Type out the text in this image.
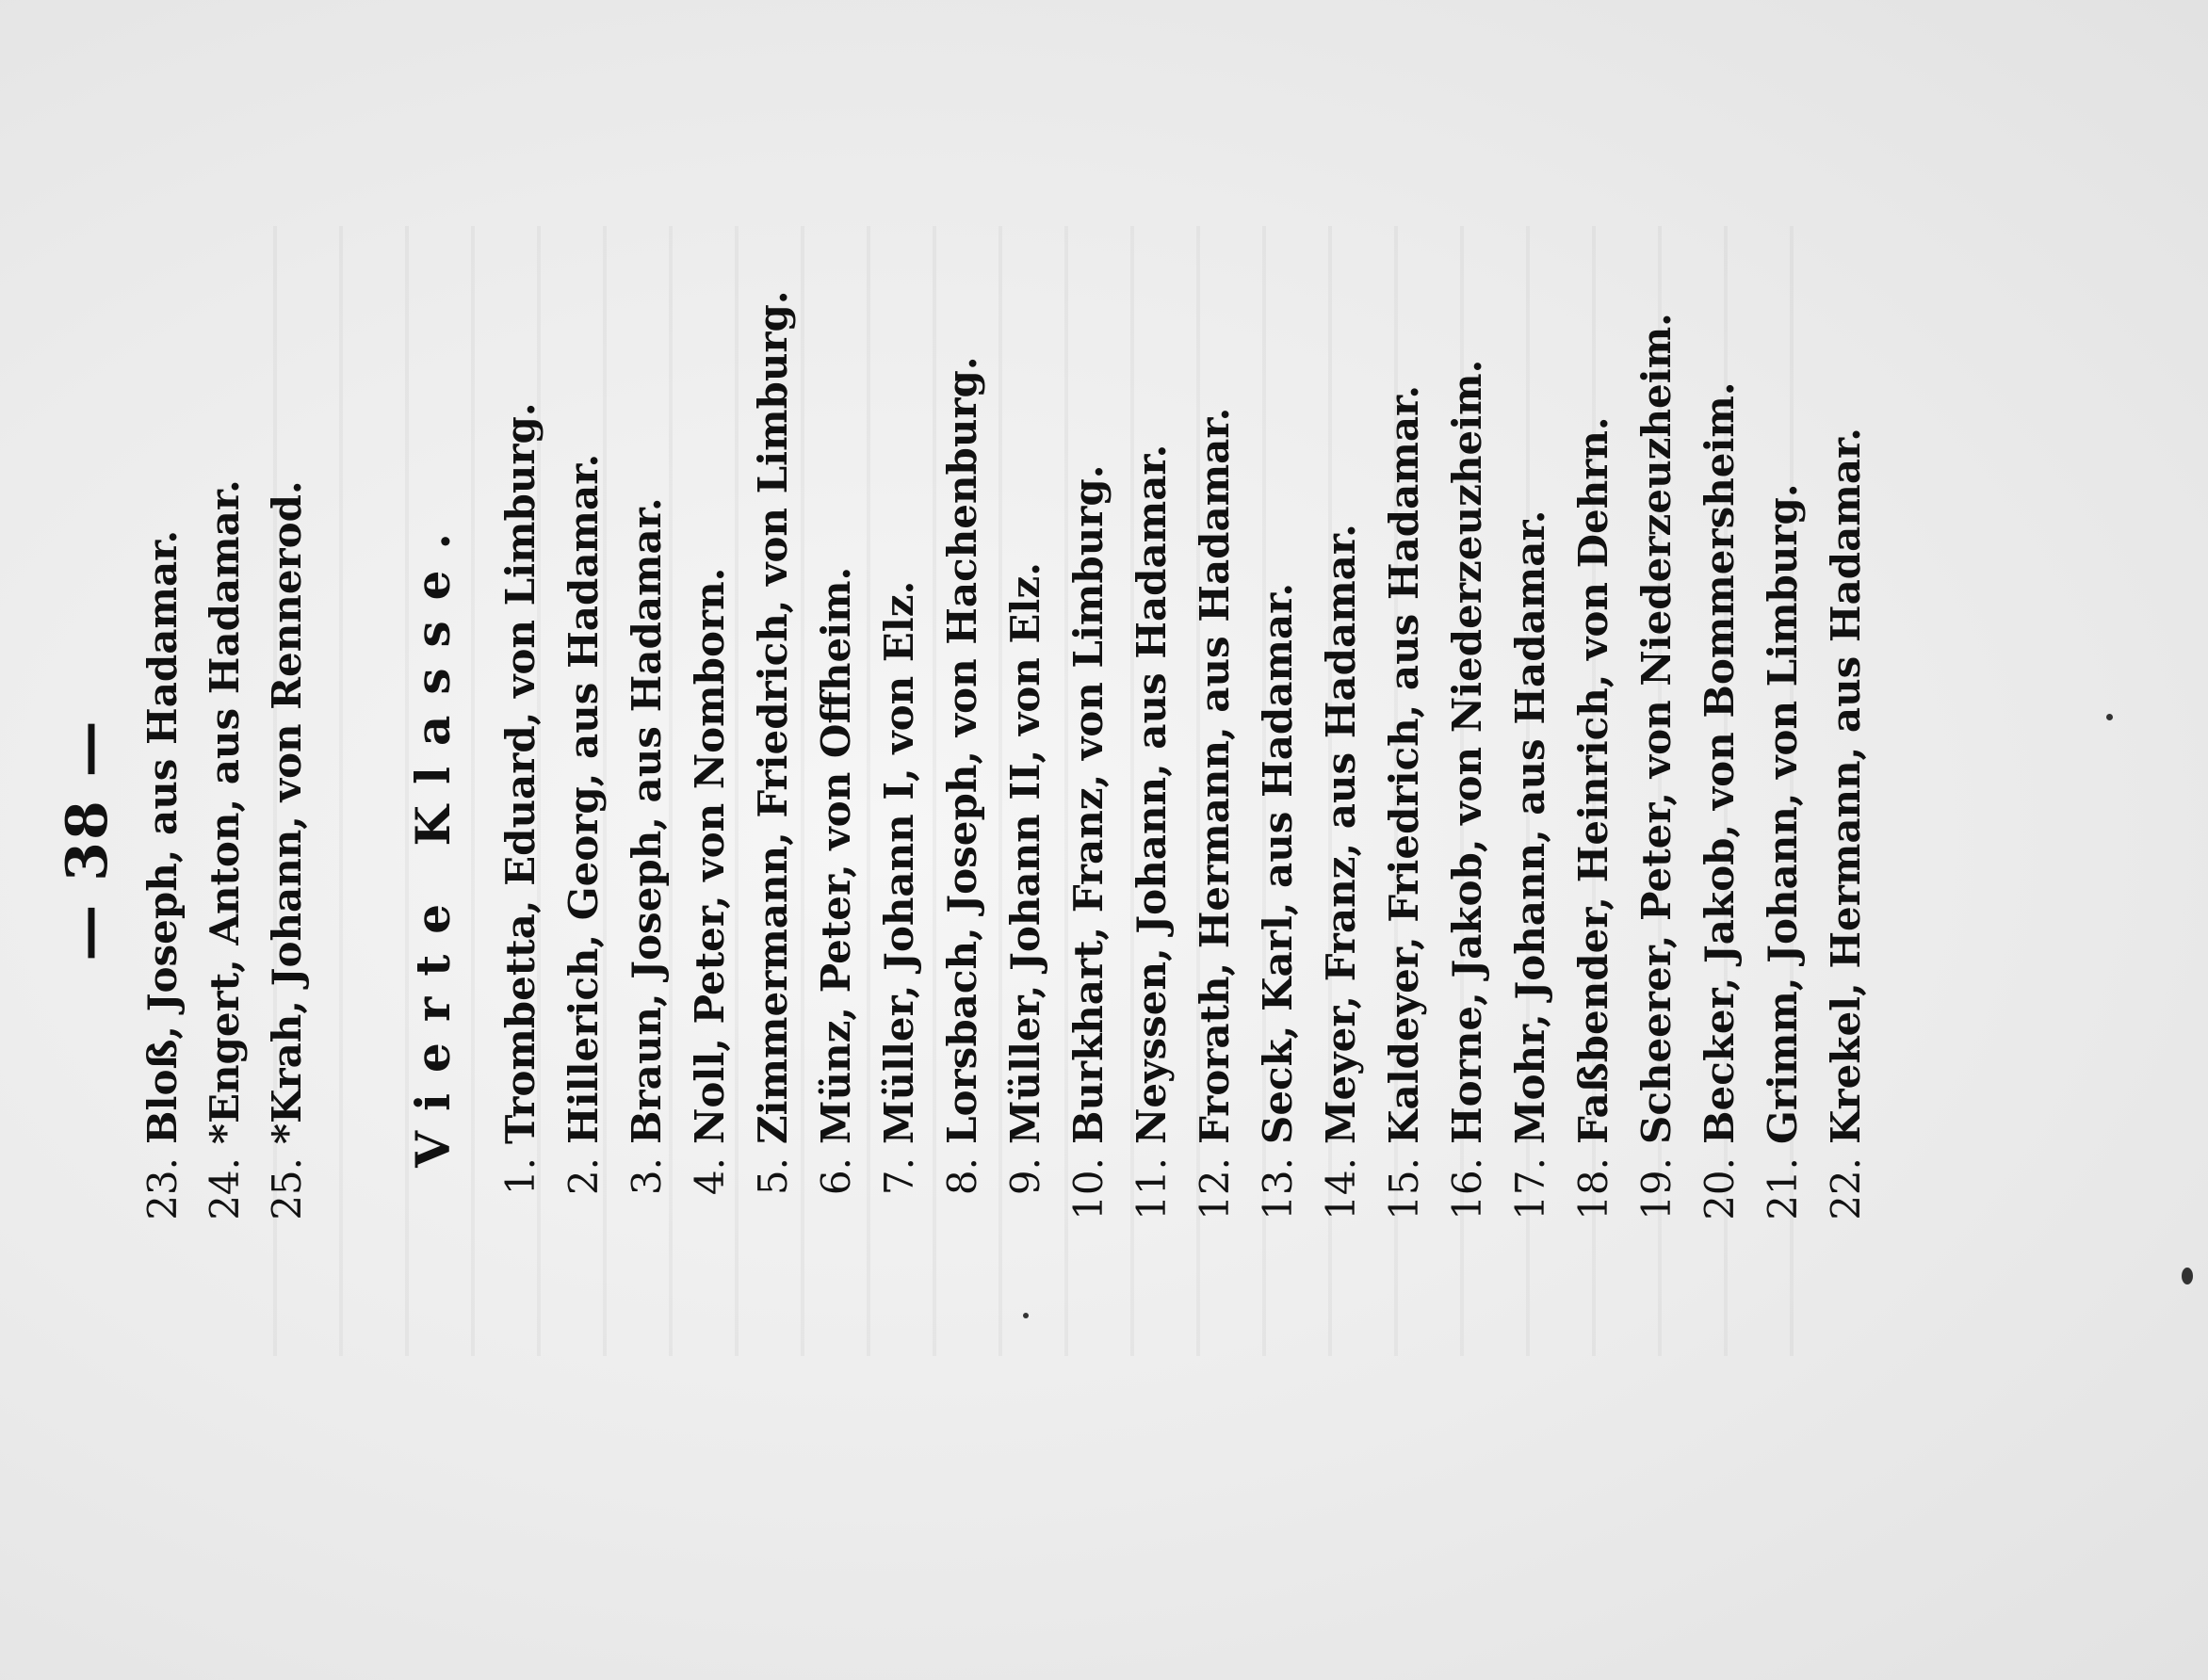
— 38 —
23.Bloß, Joseph, aus Hadamar.
24.*Engert, Anton, aus Hadamar.
25.*Krah, Johann, von Rennerod. Vierte Klasse.
1.Trombetta, Eduard, von Limburg.
2.Hillerich, Georg, aus Hadamar.
3.Braun, Joseph, aus Hadamar.
4.Noll, Peter, von Nomborn.
5.Zimmermann, Friedrich, von Limburg.
6.Münz, Peter, von Offheim.
7.Müller, Johann I, von Elz.
8.Lorsbach, Joseph, von Hachenburg.
9.Müller, Johann II, von Elz.
10.Burkhart, Franz, von Limburg.
11.Neyssen, Johann, aus Hadamar.
12.Frorath, Hermann, aus Hadamar.
13.Seck, Karl, aus Hadamar.
14.Meyer, Franz, aus Hadamar.
15.Kaldeyer, Friedrich, aus Hadamar.
16.Horne, Jakob, von Niederzeuzheim.
17.Mohr, Johann, aus Hadamar.
18.Faßbender, Heinrich, von Dehrn.
19.Scheerer, Peter, von Niederzeuzheim.
20.Becker, Jakob, von Bommersheim.
21.Grimm, Johann, von Limburg.
22.Krekel, Hermann, aus Hadamar.
